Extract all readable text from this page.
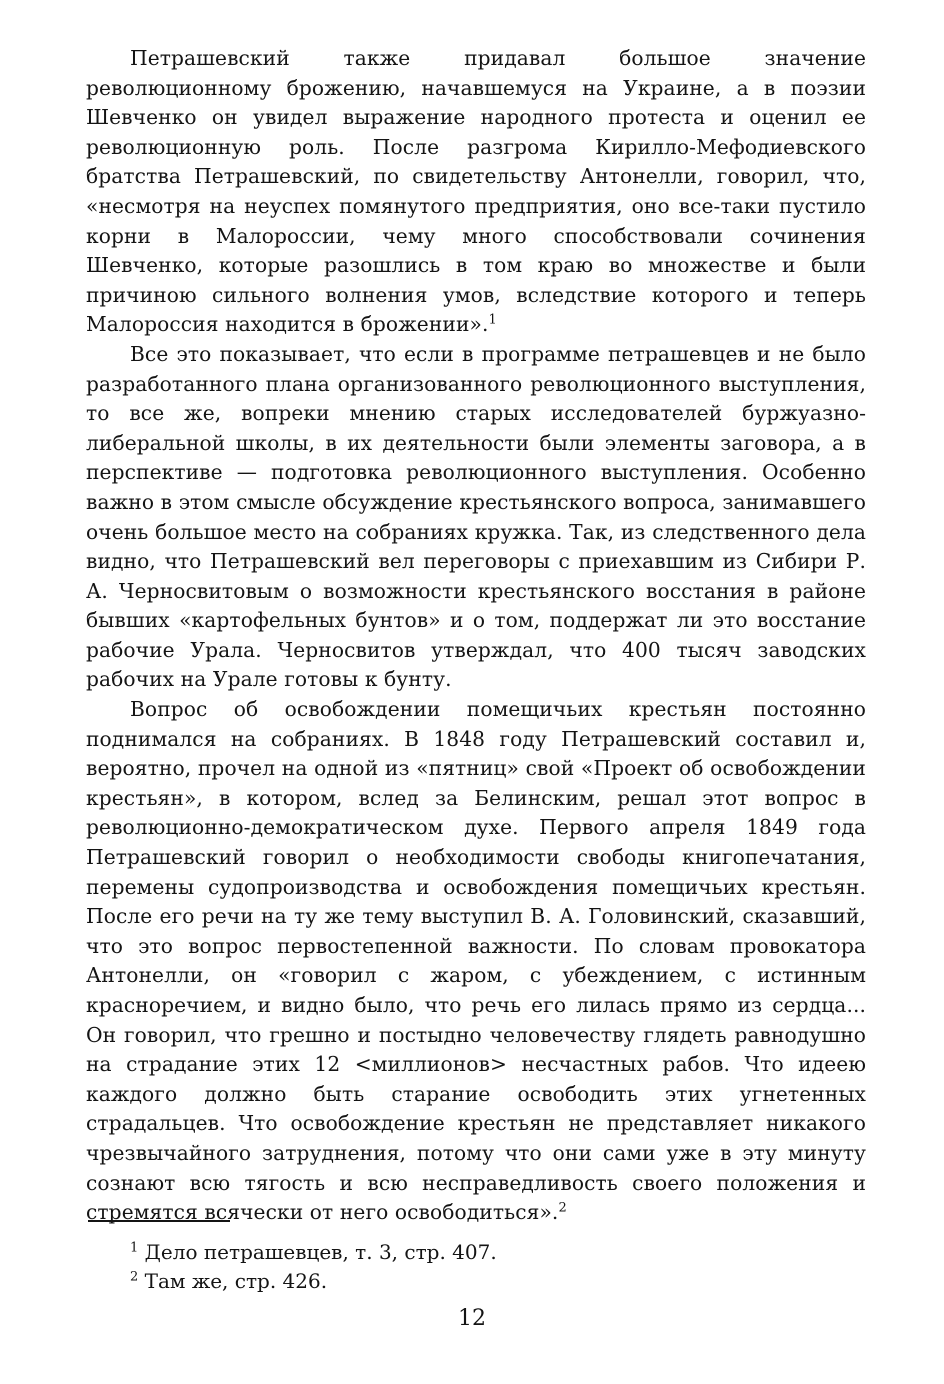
Петрашевский также придавал большое значение революционному брожению, начавшемуся на Украине, а в поэзии Шевченко он увидел выражение народного протеста и оценил ее революционную роль. После разгрома Кирилло-Мефодиевского братства Петрашевский, по свидетельству Антонелли, говорил, что, «несмотря на неуспех помянутого предприятия, оно все-таки пустило корни в Малороссии, чему много способствовали сочинения Шевченко, которые разошлись в том краю во множестве и были причиною сильного волнения умов, вследствие которого и теперь Малороссия находится в брожении».$^1$

Все это показывает, что если в программе петрашевцев и не было разработанного плана организованного революционного выступления, то все же, вопреки мнению старых исследователей буржуазно-либеральной школы, в их деятельности были элементы заговора, а в перспективе — подготовка революционного выступления. Особенно важно в этом смысле обсуждение крестьянского вопроса, занимавшего очень большое место на собраниях кружка. Так, из следственного дела видно, что Петрашевский вел переговоры с приехавшим из Сибири Р. А. Черносвитовым о возможности крестьянского восстания в районе бывших «картофельных бунтов» и о том, поддержат ли это восстание рабочие Урала. Черносвитов утверждал, что 400 тысяч заводских рабочих на Урале готовы к бунту.

Вопрос об освобождении помещичьих крестьян постоянно поднимался на собраниях. В 1848 году Петрашевский составил и, вероятно, прочел на одной из «пятниц» свой «Проект об освобождении крестьян», в котором, вслед за Белинским, решал этот вопрос в революционно-демократическом духе. Первого апреля 1849 года Петрашевский говорил о необходимости свободы книгопечатания, перемены судопроизводства и освобождения помещичьих крестьян. После его речи на ту же тему выступил В. А. Головинский, сказавший, что это вопрос первостепенной важности. По словам провокатора Антонелли, он «говорил с жаром, с убеждением, с истинным красноречием, и видно было, что речь его лилась прямо из сердца... Он говорил, что грешно и постыдно человечеству глядеть равнодушно на страдание этих 12 <миллионов> несчастных рабов. Что идеею каждого должно быть старание освободить этих угнетенных страдальцев. Что освобождение крестьян не представляет никакого чрезвычайного затруднения, потому что они сами уже в эту минуту сознают всю тягость и всю несправедливость своего положения и стремятся всячески от него освободиться».$^2$

$^1$ Дело петрашевцев, т. 3, стр. 407.
$^2$ Там же, стр. 426.
12
